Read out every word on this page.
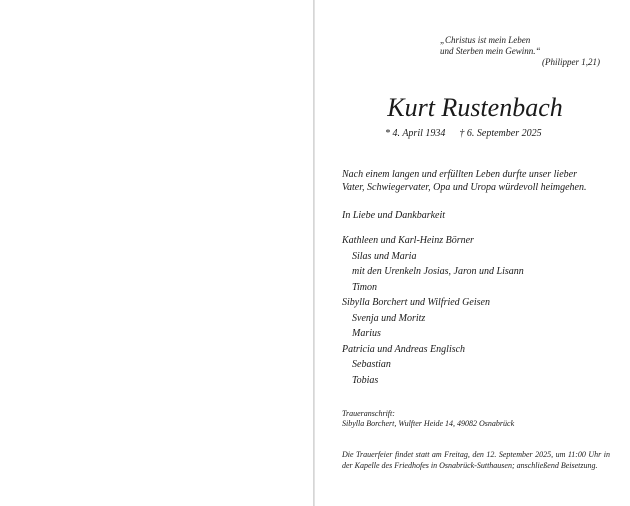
„Christus ist mein Leben
und Sterben mein Gewinn.“
(Philipper 1,21)
Kurt Rustenbach
* 4. April 1934 † 6. September 2025
Nach einem langen und erfüllten Leben durfte unser lieber
Vater, Schwiegervater, Opa und Uropa würdevoll heimgehen.
In Liebe und Dankbarkeit
Kathleen und Karl-Heinz Börner
Silas und Maria
mit den Urenkeln Josias, Jaron und Lisann
Timon
Sibylla Borchert und Wilfried Geisen
Svenja und Moritz
Marius
Patricia und Andreas Englisch
Sebastian
Tobias
Traueranschrift:
Sibylla Borchert, Wulfter Heide 14, 49082 Osnabrück
Die Trauerfeier findet statt am Freitag, den 12. September 2025, um 11:00 Uhr in der Kapelle des Friedhofes in Osnabrück-Sutthausen; anschließend Beisetzung.
